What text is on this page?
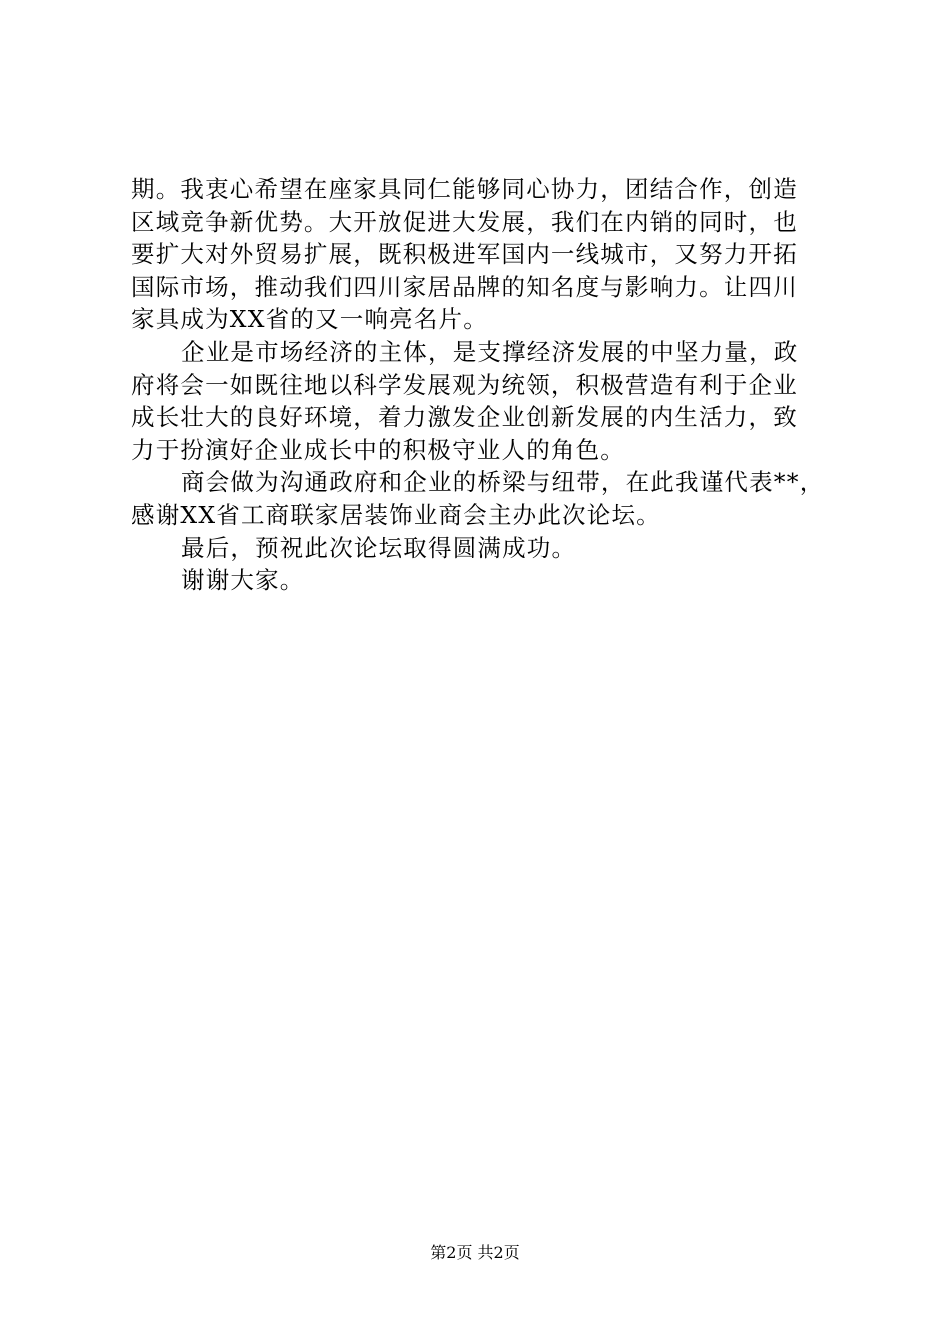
期。我衷心希望在座家具同仁能够同心协力，团结合作，创造
区域竞争新优势。大开放促进大发展，我们在内销的同时，也
要扩大对外贸易扩展，既积极进军国内一线城市，又努力开拓
国际市场，推动我们四川家居品牌的知名度与影响力。让四川
家具成为XX省的又一响亮名片。
企业是市场经济的主体，是支撑经济发展的中坚力量，政
府将会一如既往地以科学发展观为统领，积极营造有利于企业
成长壮大的良好环境，着力激发企业创新发展的内生活力，致
力于扮演好企业成长中的积极守业人的角色。
商会做为沟通政府和企业的桥梁与纽带，在此我谨代表**，
感谢XX省工商联家居装饰业商会主办此次论坛。
最后，预祝此次论坛取得圆满成功。
谢谢大家。
第2页 共2页
